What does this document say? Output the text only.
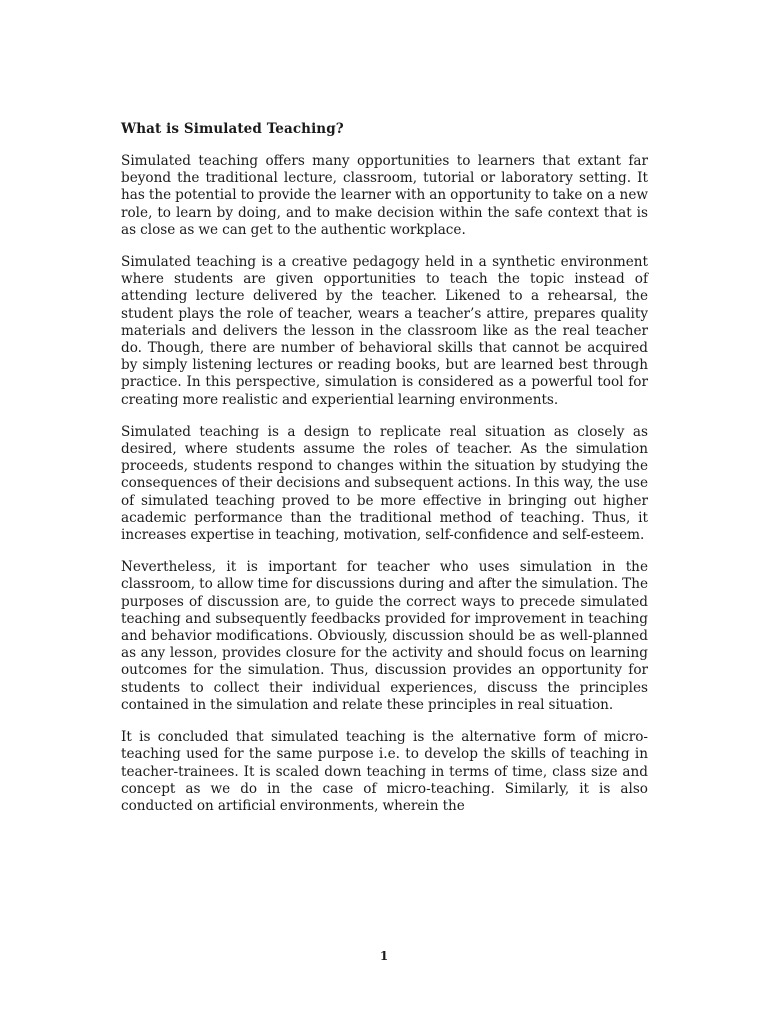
What is Simulated Teaching?

Simulated teaching offers many opportunities to learners that extant far beyond the traditional lecture, classroom, tutorial or laboratory setting. It has the potential to provide the learner with an opportunity to take on a new role, to learn by doing, and to make decision within the safe context that is as close as we can get to the authentic workplace.

Simulated teaching is a creative pedagogy held in a synthetic environment where students are given opportunities to teach the topic instead of attending lecture delivered by the teacher. Likened to a rehearsal, the student plays the role of teacher, wears a teacher’s attire, prepares quality materials and delivers the lesson in the classroom like as the real teacher do. Though, there are number of behavioral skills that cannot be acquired by simply listening lectures or reading books, but are learned best through practice. In this perspective, simulation is considered as a powerful tool for creating more realistic and experiential learning environments.

Simulated teaching is a design to replicate real situation as closely as desired, where students assume the roles of teacher. As the simulation proceeds, students respond to changes within the situation by studying the consequences of their decisions and subsequent actions. In this way, the use of simulated teaching proved to be more effective in bringing out higher academic performance than the traditional method of teaching. Thus, it increases expertise in teaching, motivation, self-confidence and self-esteem.

Nevertheless, it is important for teacher who uses simulation in the classroom, to allow time for discussions during and after the simulation. The purposes of discussion are, to guide the correct ways to precede simulated teaching and subsequently feedbacks provided for improvement in teaching and behavior modifications. Obviously, discussion should be as well-planned as any lesson, provides closure for the activity and should focus on learning outcomes for the simulation. Thus, discussion provides an opportunity for students to collect their individual experiences, discuss the principles contained in the simulation and relate these principles in real situation.

It is concluded that simulated teaching is the alternative form of micro-teaching used for the same purpose i.e. to develop the skills of teaching in teacher-trainees. It is scaled down teaching in terms of time, class size and concept as we do in the case of micro-teaching. Similarly, it is also conducted on artificial environments, wherein the

1
